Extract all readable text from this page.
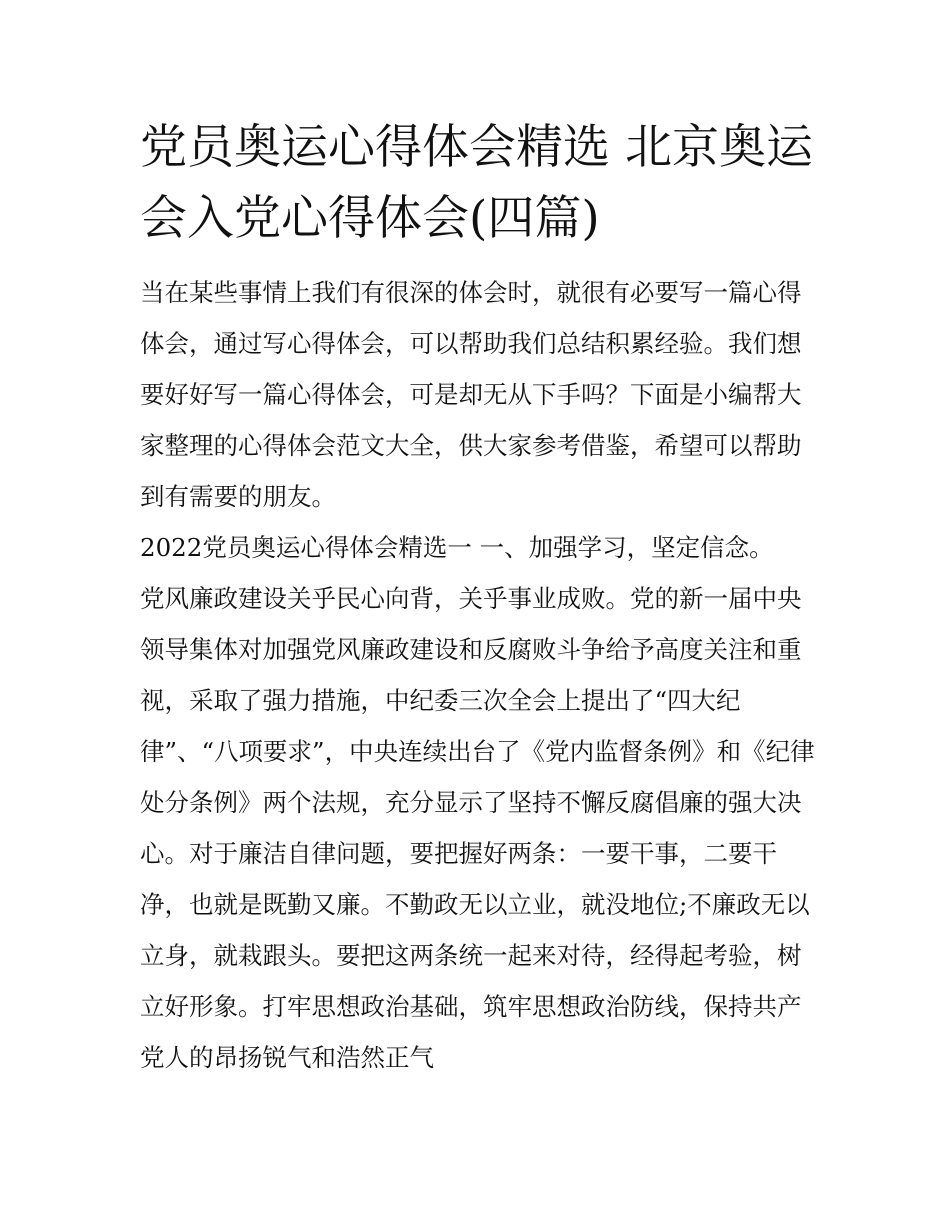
党员奥运心得体会精选 北京奥运会入党心得体会(四篇)

当在某些事情上我们有很深的体会时，就很有必要写一篇心得体会，通过写心得体会，可以帮助我们总结积累经验。我们想要好好写一篇心得体会，可是却无从下手吗？下面是小编帮大家整理的心得体会范文大全，供大家参考借鉴，希望可以帮助到有需要的朋友。

2022党员奥运心得体会精选一 一、加强学习，坚定信念。

党风廉政建设关乎民心向背，关乎事业成败。党的新一届中央领导集体对加强党风廉政建设和反腐败斗争给予高度关注和重视，采取了强力措施，中纪委三次全会上提出了“四大纪律”、“八项要求”，中央连续出台了《党内监督条例》和《纪律处分条例》两个法规，充分显示了坚持不懈反腐倡廉的强大决心。对于廉洁自律问题，要把握好两条：一要干事，二要干净，也就是既勤又廉。不勤政无以立业，就没地位;不廉政无以立身，就栽跟头。要把这两条统一起来对待，经得起考验，树立好形象。打牢思想政治基础，筑牢思想政治防线，保持共产党人的昂扬锐气和浩然正气
